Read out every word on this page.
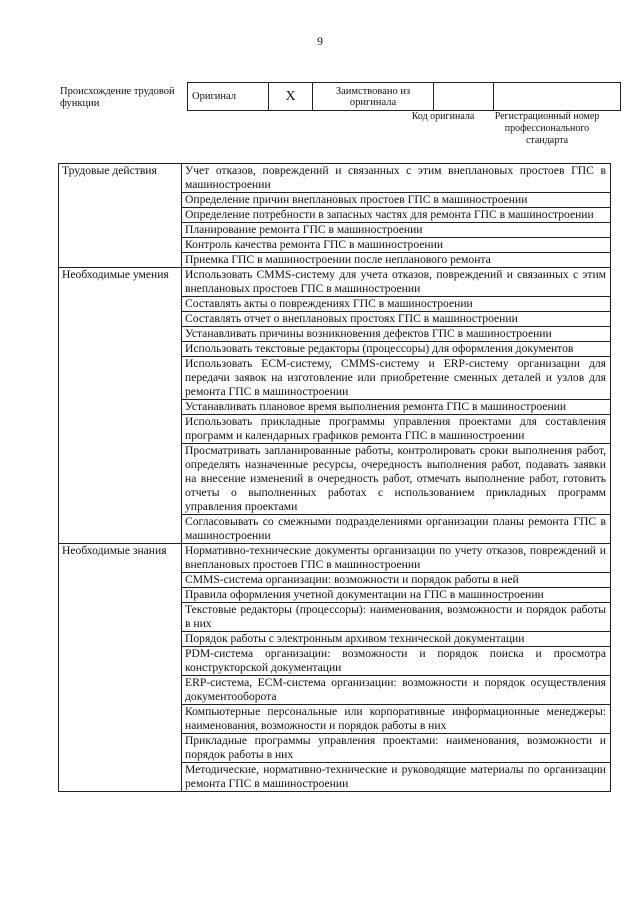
9
Происхождение трудовой функции
Оригинал	X	Заимствовано из оригинала		
Код оригинала	Регистрационный номер профессионального стандарта
Трудовые действия	Учет отказов, повреждений и связанных с этим внеплановых простоев ГПС в машиностроении
	Определение причин внеплановых простоев ГПС в машиностроении
	Определение потребности в запасных частях для ремонта ГПС в машиностроении
	Планирование ремонта ГПС в машиностроении
	Контроль качества ремонта ГПС в машиностроении
	Приемка ГПС в машиностроении после непланового ремонта
Необходимые умения	Использовать CMMS-систему для учета отказов, повреждений и связанных с этим внеплановых простоев ГПС в машиностроении
	Составлять акты о повреждениях ГПС в машиностроении
	Составлять отчет о внеплановых простоях ГПС в машиностроении
	Устанавливать причины возникновения дефектов ГПС в машиностроении
	Использовать текстовые редакторы (процессоры) для оформления документов
	Использовать ECM-систему, CMMS-систему и ERP-систему организации для передачи заявок на изготовление или приобретение сменных деталей и узлов для ремонта ГПС в машиностроении
	Устанавливать плановое время выполнения ремонта ГПС в машиностроении
	Использовать прикладные программы управления проектами для составления программ и календарных графиков ремонта ГПС в машиностроении
	Просматривать запланированные работы, контролировать сроки выполнения работ, определять назначенные ресурсы, очередность выполнения работ, подавать заявки на внесение изменений в очередность работ, отмечать выполнение работ, готовить отчеты о выполненных работах с использованием прикладных программ управления проектами
	Согласовывать со смежными подразделениями организации планы ремонта ГПС в машиностроении
Необходимые знания	Нормативно-технические документы организации по учету отказов, повреждений и внеплановых простоев ГПС в машиностроении
	CMMS-система организации: возможности и порядок работы в ней
	Правила оформления учетной документации на ГПС в машиностроении
	Текстовые редакторы (процессоры): наименования, возможности и порядок работы в них
	Порядок работы с электронным архивом технической документации
	PDM-система организации: возможности и порядок поиска и просмотра конструкторской документации
	ERP-система, ECM-система организации: возможности и порядок осуществления документооборота
	Компьютерные персональные или корпоративные информационные менеджеры: наименования, возможности и порядок работы в них
	Прикладные программы управления проектами: наименования, возможности и порядок работы в них
	Методические, нормативно-технические и руководящие материалы по организации ремонта ГПС в машиностроении
